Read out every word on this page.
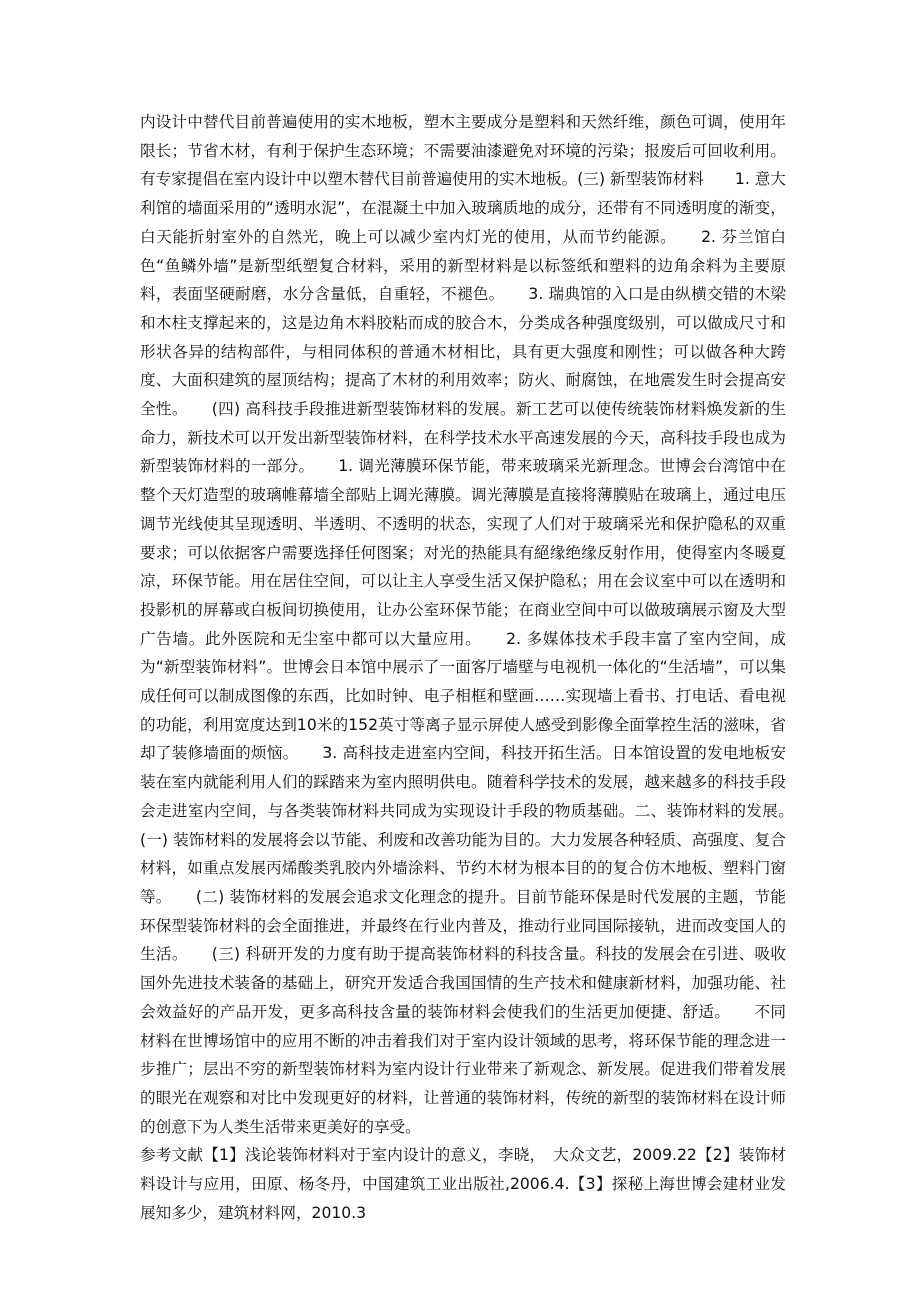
内设计中替代目前普遍使用的实木地板，塑木主要成分是塑料和天然纤维，颜色可调，使用年限长；节省木材，有利于保护生态环境；不需要油漆避免对环境的污染；报废后可回收利用。有专家提倡在室内设计中以塑木替代目前普遍使用的实木地板。(三) 新型装饰材料　　1. 意大利馆的墙面采用的“透明水泥”，在混凝土中加入玻璃质地的成分，还带有不同透明度的渐变，白天能折射室外的自然光，晚上可以减少室内灯光的使用，从而节约能源。　　2. 芬兰馆白色“鱼鳞外墙”是新型纸塑复合材料，采用的新型材料是以标签纸和塑料的边角余料为主要原料，表面坚硬耐磨，水分含量低，自重轻，不褪色。　　3. 瑞典馆的入口是由纵横交错的木梁和木柱支撑起来的，这是边角木料胶粘而成的胶合木，分类成各种强度级别，可以做成尺寸和形状各异的结构部件，与相同体积的普通木材相比，具有更大强度和刚性；可以做各种大跨度、大面积建筑的屋顶结构；提高了木材的利用效率；防火、耐腐蚀，在地震发生时会提高安全性。　　(四) 高科技手段推进新型装饰材料的发展。新工艺可以使传统装饰材料焕发新的生命力，新技术可以开发出新型装饰材料，在科学技术水平高速发展的今天，高科技手段也成为新型装饰材料的一部分。　　1. 调光薄膜环保节能，带来玻璃采光新理念。世博会台湾馆中在整个天灯造型的玻璃帷幕墙全部贴上调光薄膜。调光薄膜是直接将薄膜贴在玻璃上，通过电压调节光线使其呈现透明、半透明、不透明的状态，实现了人们对于玻璃采光和保护隐私的双重要求；可以依据客户需要选择任何图案；对光的热能具有絕缘绝缘反射作用，使得室内冬暖夏凉，环保节能。用在居住空间，可以让主人享受生活又保护隐私；用在会议室中可以在透明和投影机的屏幕或白板间切换使用，让办公室环保节能；在商业空间中可以做玻璃展示窗及大型广告墙。此外医院和无尘室中都可以大量应用。　　2. 多媒体技术手段丰富了室内空间，成为“新型装饰材料”。世博会日本馆中展示了一面客厅墙壁与电视机一体化的“生活墙”，可以集成任何可以制成图像的东西，比如时钟、电子相框和壁画……实现墙上看书、打电话、看电视的功能，利用宽度达到10米的152英寸等离子显示屏使人感受到影像全面掌控生活的滋味，省却了装修墙面的烦恼。　　3. 高科技走进室内空间，科技开拓生活。日本馆设置的发电地板安装在室内就能利用人们的踩踏来为室内照明供电。随着科学技术的发展，越来越多的科技手段会走进室内空间，与各类装饰材料共同成为实现设计手段的物质基础。二、装饰材料的发展。　　(一) 装饰材料的发展将会以节能、利废和改善功能为目的。大力发展各种轻质、高强度、复合材料，如重点发展丙烯酸类乳胶内外墙涂料、节约木材为根本目的的复合仿木地板、塑料门窗等。　　(二) 装饰材料的发展会追求文化理念的提升。目前节能环保是时代发展的主题，节能环保型装饰材料的会全面推进，并最终在行业内普及，推动行业同国际接轨，进而改变国人的生活。　　(三) 科研开发的力度有助于提高装饰材料的科技含量。科技的发展会在引进、吸收国外先进技术装备的基础上，研究开发适合我国国情的生产技术和健康新材料，加强功能、社会效益好的产品开发，更多高科技含量的装饰材料会使我们的生活更加便捷、舒适。　　不同材料在世博场馆中的应用不断的冲击着我们对于室内设计领域的思考，将环保节能的理念进一步推广；层出不穷的新型装饰材料为室内设计行业带来了新观念、新发展。促进我们带着发展的眼光在观察和对比中发现更好的材料，让普通的装饰材料，传统的新型的装饰材料在设计师的创意下为人类生活带来更美好的享受。

参考文献【1】浅论装饰材料对于室内设计的意义，李晓，　大众文艺，2009.22【2】装饰材料设计与应用，田原、杨冬丹，中国建筑工业出版社,2006.4.【3】探秘上海世博会建材业发展知多少，建筑材料网，2010.3
